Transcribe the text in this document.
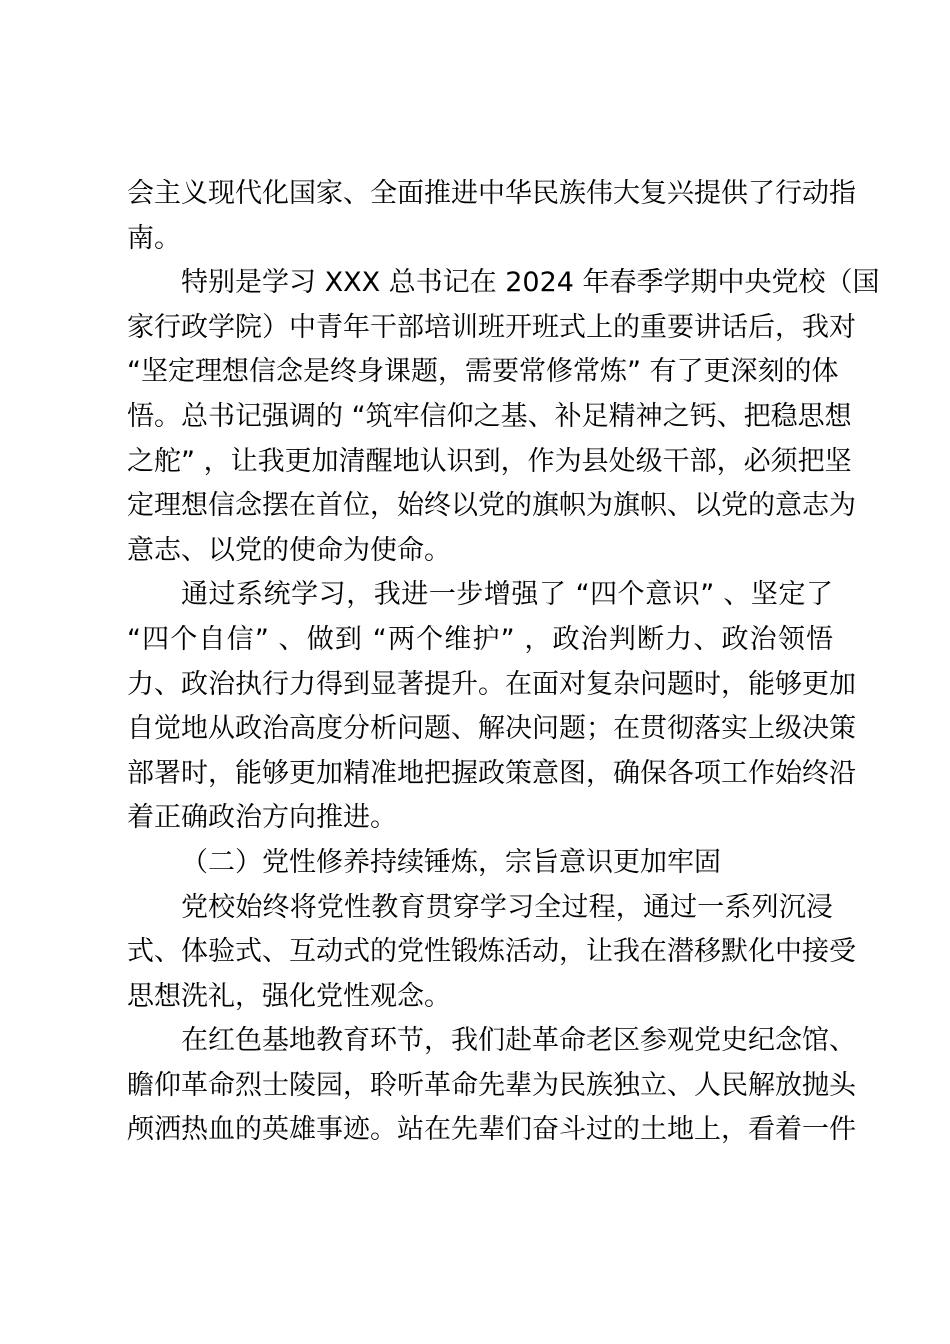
会主义现代化国家、全面推进中华民族伟大复兴提供了行动指
南。
特别是学习 XXX 总书记在 2024 年春季学期中央党校（国
家行政学院）中青年干部培训班开班式上的重要讲话后，我对
“坚定理想信念是终身课题，需要常修常炼” 有了更深刻的体
悟。总书记强调的 “筑牢信仰之基、补足精神之钙、把稳思想
之舵” ，让我更加清醒地认识到，作为县处级干部，必须把坚
定理想信念摆在首位，始终以党的旗帜为旗帜、以党的意志为
意志、以党的使命为使命。
通过系统学习，我进一步增强了 “四个意识” 、坚定了
“四个自信” 、做到 “两个维护” ，政治判断力、政治领悟
力、政治执行力得到显著提升。在面对复杂问题时，能够更加
自觉地从政治高度分析问题、解决问题；在贯彻落实上级决策
部署时，能够更加精准地把握政策意图，确保各项工作始终沿
着正确政治方向推进。
（二）党性修养持续锤炼，宗旨意识更加牢固
党校始终将党性教育贯穿学习全过程，通过一系列沉浸
式、体验式、互动式的党性锻炼活动，让我在潜移默化中接受
思想洗礼，强化党性观念。
在红色基地教育环节，我们赴革命老区参观党史纪念馆、
瞻仰革命烈士陵园，聆听革命先辈为民族独立、人民解放抛头
颅洒热血的英雄事迹。站在先辈们奋斗过的土地上，看着一件
